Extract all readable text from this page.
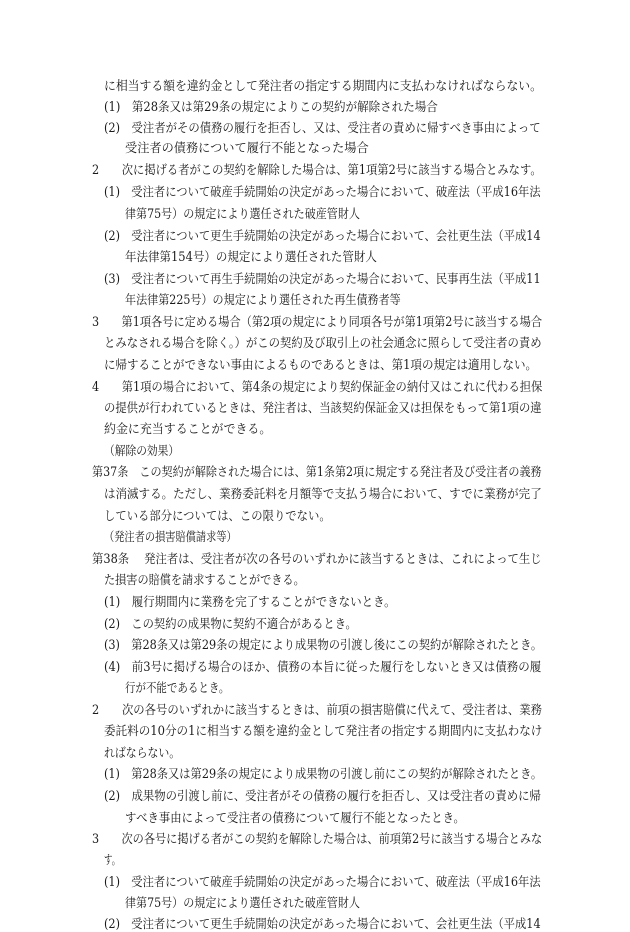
に相当する額を違約金として発注者の指定する期間内に支払わなければならない。
(1)　第28条又は第29条の規定によりこの契約が解除された場合
(2)　受注者がその債務の履行を拒否し、又は、受注者の責めに帰すべき事由によって
受注者の債務について履行不能となった場合
2　　次に掲げる者がこの契約を解除した場合は、第1項第2号に該当する場合とみなす。
(1)　受注者について破産手続開始の決定があった場合において、破産法（平成16年法
律第75号）の規定により選任された破産管財人
(2)　受注者について更生手続開始の決定があった場合において、会社更生法（平成14
年法律第154号）の規定により選任された管財人
(3)　受注者について再生手続開始の決定があった場合において、民事再生法（平成11
年法律第225号）の規定により選任された再生債務者等
3　　第1項各号に定める場合（第2項の規定により同項各号が第1項第2号に該当する場合
とみなされる場合を除く。）がこの契約及び取引上の社会通念に照らして受注者の責め
に帰することができない事由によるものであるときは、第1項の規定は適用しない。
4　　第1項の場合において、第4条の規定により契約保証金の納付又はこれに代わる担保
の提供が行われているときは、発注者は、当該契約保証金又は担保をもって第1項の違
約金に充当することができる。
（解除の効果）
第37条　この契約が解除された場合には、第1条第2項に規定する発注者及び受注者の義務
は消滅する。ただし、業務委託料を月額等で支払う場合において、すでに業務が完了
している部分については、この限りでない。
（発注者の損害賠償請求等）
第38条　 発注者は、受注者が次の各号のいずれかに該当するときは、これによって生じ
た損害の賠償を請求することができる。
(1)　履行期間内に業務を完了することができないとき。
(2)　この契約の成果物に契約不適合があるとき。
(3)　第28条又は第29条の規定により成果物の引渡し後にこの契約が解除されたとき。
(4)　前3号に掲げる場合のほか、債務の本旨に従った履行をしないとき又は債務の履
行が不能であるとき。
2　　次の各号のいずれかに該当するときは、前項の損害賠償に代えて、受注者は、業務
委託料の10分の1に相当する額を違約金として発注者の指定する期間内に支払わなけ
ればならない。
(1)　第28条又は第29条の規定により成果物の引渡し前にこの契約が解除されたとき。
(2)　成果物の引渡し前に、受注者がその債務の履行を拒否し、又は受注者の責めに帰
すべき事由によって受注者の債務について履行不能となったとき。
3　　次の各号に掲げる者がこの契約を解除した場合は、前項第2号に該当する場合とみな
す。
(1)　受注者について破産手続開始の決定があった場合において、破産法（平成16年法
律第75号）の規定により選任された破産管財人
(2)　受注者について更生手続開始の決定があった場合において、会社更生法（平成14
